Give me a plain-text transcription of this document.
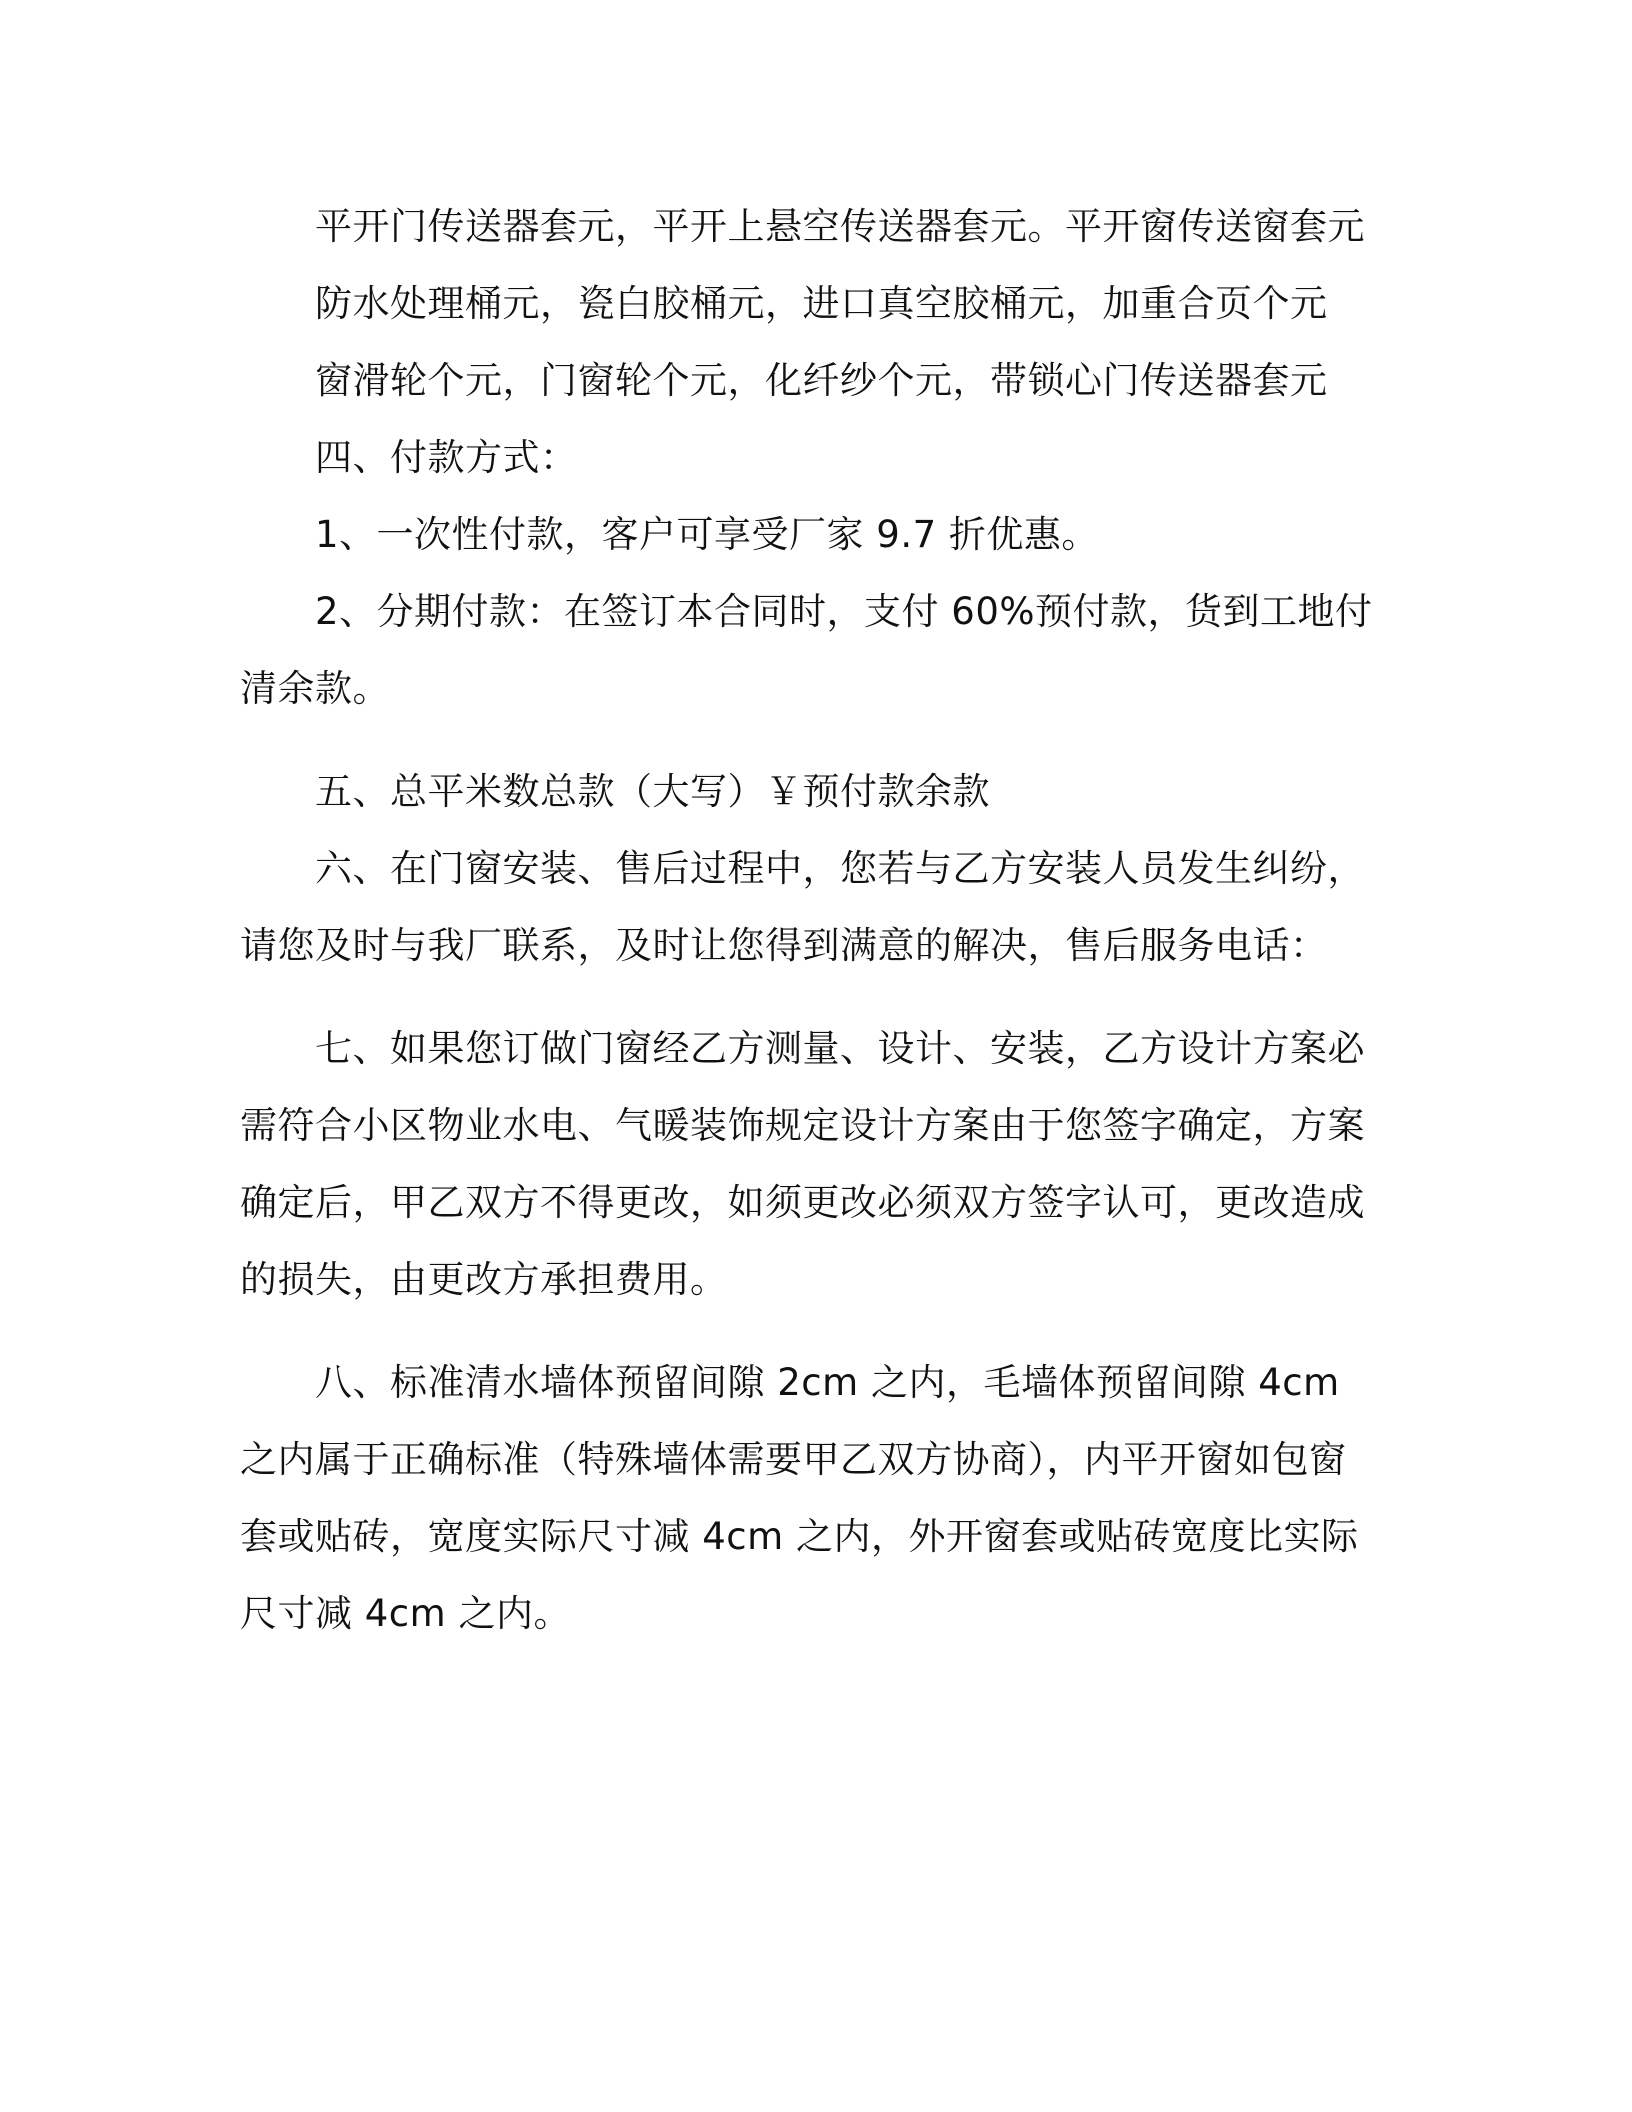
平开门传送器套元，平开上悬空传送器套元。平开窗传送窗套元

防水处理桶元，瓷白胶桶元，进口真空胶桶元，加重合页个元

窗滑轮个元，门窗轮个元，化纤纱个元，带锁心门传送器套元

四、付款方式：

1、一次性付款，客户可享受厂家 9.7 折优惠。

2、分期付款：在签订本合同时，支付 60%预付款，货到工地付清余款。

五、总平米数总款（大写）￥预付款余款

六、在门窗安装、售后过程中，您若与乙方安装人员发生纠纷，请您及时与我厂联系，及时让您得到满意的解决，售后服务电话：

七、如果您订做门窗经乙方测量、设计、安装，乙方设计方案必需符合小区物业水电、气暖装饰规定设计方案由于您签字确定，方案确定后，甲乙双方不得更改，如须更改必须双方签字认可，更改造成的损失，由更改方承担费用。

八、标准清水墙体预留间隙 2cm 之内，毛墙体预留间隙 4cm 之内属于正确标准（特殊墙体需要甲乙双方协商），内平开窗如包窗套或贴砖，宽度实际尺寸减 4cm 之内，外开窗套或贴砖宽度比实际尺寸减 4cm 之内。
